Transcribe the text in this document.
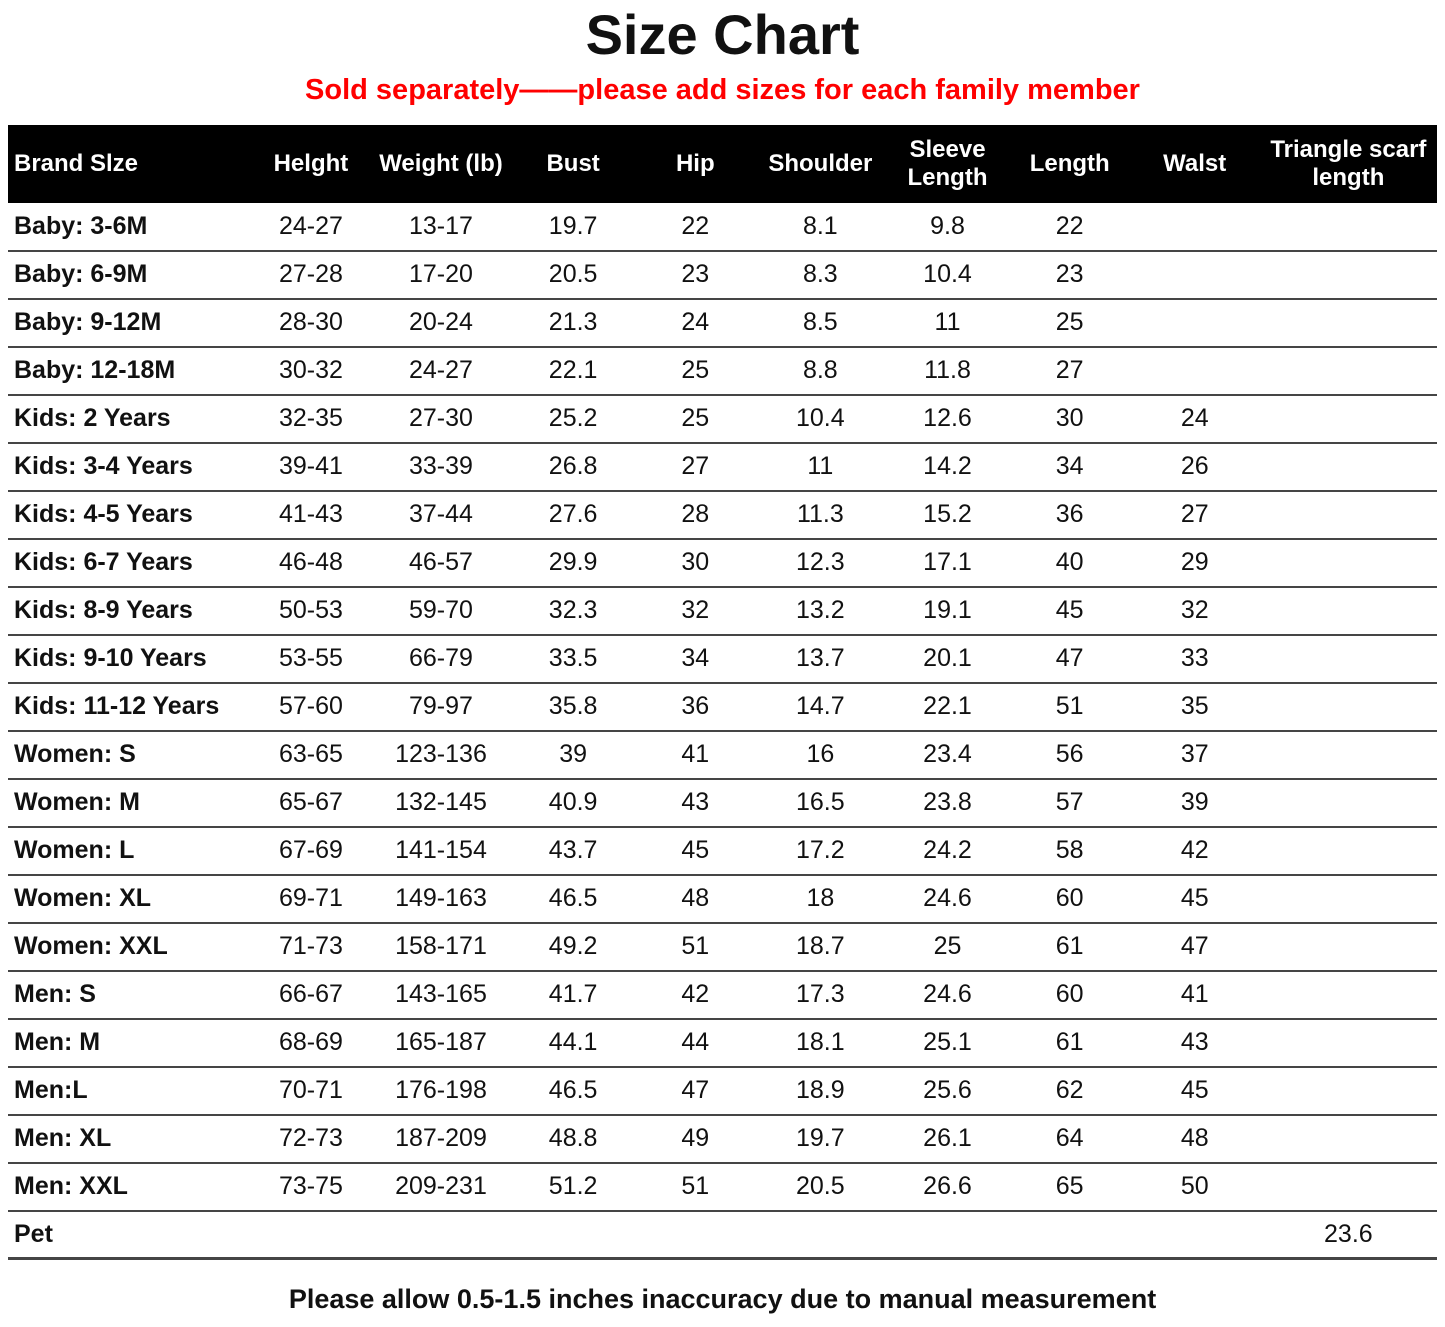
Size Chart
Sold separately——please add sizes for each family member
Brand Slze	Helght	Weight (lb)	Bust	Hip	Shoulder	Sleeve Length	Length	Walst	Triangle scarf length
Baby: 3-6M	24-27	13-17	19.7	22	8.1	9.8	22		
Baby: 6-9M	27-28	17-20	20.5	23	8.3	10.4	23		
Baby: 9-12M	28-30	20-24	21.3	24	8.5	11	25		
Baby: 12-18M	30-32	24-27	22.1	25	8.8	11.8	27		
Kids: 2 Years	32-35	27-30	25.2	25	10.4	12.6	30	24	
Kids: 3-4 Years	39-41	33-39	26.8	27	11	14.2	34	26	
Kids: 4-5 Years	41-43	37-44	27.6	28	11.3	15.2	36	27	
Kids: 6-7 Years	46-48	46-57	29.9	30	12.3	17.1	40	29	
Kids: 8-9 Years	50-53	59-70	32.3	32	13.2	19.1	45	32	
Kids: 9-10 Years	53-55	66-79	33.5	34	13.7	20.1	47	33	
Kids: 11-12 Years	57-60	79-97	35.8	36	14.7	22.1	51	35	
Women: S	63-65	123-136	39	41	16	23.4	56	37	
Women: M	65-67	132-145	40.9	43	16.5	23.8	57	39	
Women: L	67-69	141-154	43.7	45	17.2	24.2	58	42	
Women: XL	69-71	149-163	46.5	48	18	24.6	60	45	
Women: XXL	71-73	158-171	49.2	51	18.7	25	61	47	
Men: S	66-67	143-165	41.7	42	17.3	24.6	60	41	
Men: M	68-69	165-187	44.1	44	18.1	25.1	61	43	
Men:L	70-71	176-198	46.5	47	18.9	25.6	62	45	
Men: XL	72-73	187-209	48.8	49	19.7	26.1	64	48	
Men: XXL	73-75	209-231	51.2	51	20.5	26.6	65	50	
Pet									23.6
Please allow 0.5-1.5 inches inaccuracy due to manual measurement
